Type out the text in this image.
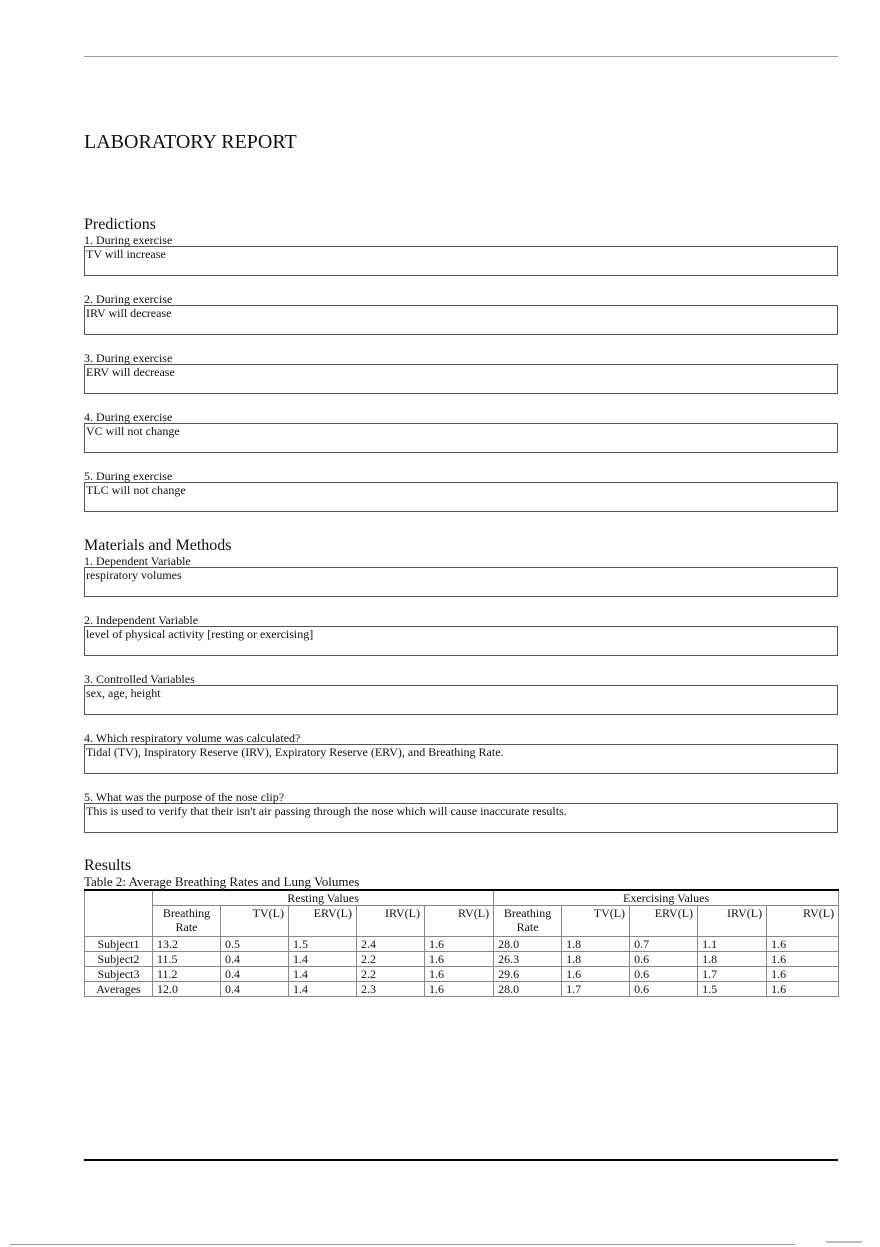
LABORATORY REPORT
Predictions
1. During exercise
TV will increase
2. During exercise
IRV will decrease
3. During exercise
ERV will decrease
4. During exercise
VC will not change
5. During exercise
TLC will not change
Materials and Methods
1. Dependent Variable
respiratory volumes
2. Independent Variable
level of physical activity [resting or exercising]
3. Controlled Variables
sex, age, height
4. Which respiratory volume was calculated?
Tidal (TV), Inspiratory Reserve (IRV), Expiratory Reserve (ERV), and Breathing Rate.
5. What was the purpose of the nose clip?
This is used to verify that their isn't air passing through the nose which will cause inaccurate results.
Results
Table 2: Average Breathing Rates and Lung Volumes
	Resting Values					Exercising Values				
	Breathing Rate	TV(L)	ERV(L)	IRV(L)	RV(L)	Breathing Rate	TV(L)	ERV(L)	IRV(L)	RV(L)
Subject1	13.2	0.5	1.5	2.4	1.6	28.0	1.8	0.7	1.1	1.6
Subject2	11.5	0.4	1.4	2.2	1.6	26.3	1.8	0.6	1.8	1.6
Subject3	11.2	0.4	1.4	2.2	1.6	29.6	1.6	0.6	1.7	1.6
Averages	12.0	0.4	1.4	2.3	1.6	28.0	1.7	0.6	1.5	1.6
